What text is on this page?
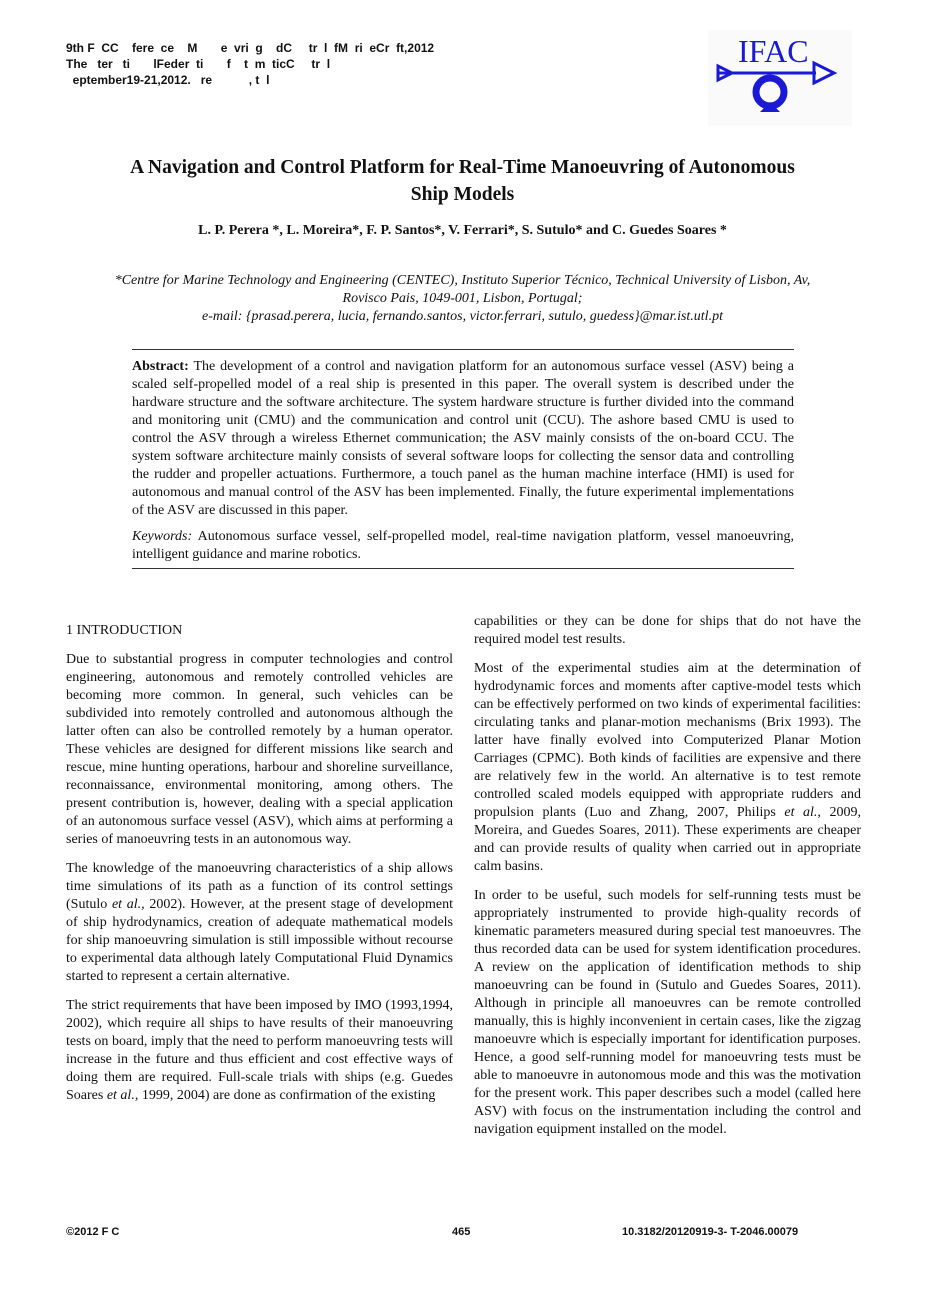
9th F  CC    fere  ce    M       e  vri  g    dC     tr  l  fM  ri  eCr  ft,2012
The   ter   ti       lFeder  ti       f    t  m  ticC     tr  l
eptember19-21,2012.   re           , t  l
IFAC
A Navigation and Control Platform for Real-Time Manoeuvring of Autonomous
Ship Models
L. P. Perera *, L. Moreira*, F. P. Santos*, V. Ferrari*, S. Sutulo* and C. Guedes Soares *
*Centre for Marine Technology and Engineering (CENTEC), Instituto Superior Técnico, Technical University of Lisbon, Av,
Rovisco Pais, 1049-001, Lisbon, Portugal;
e-mail: {prasad.perera, lucia, fernando.santos, victor.ferrari, sutulo, guedess}@mar.ist.utl.pt

Abstract: The development of a control and navigation platform for an autonomous surface vessel (ASV) being a scaled self-propelled model of a real ship is presented in this paper. The overall system is described under the hardware structure and the software architecture. The system hardware structure is further divided into the command and monitoring unit (CMU) and the communication and control unit (CCU). The ashore based CMU is used to control the ASV through a wireless Ethernet communication; the ASV mainly consists of the on-board CCU. The system software architecture mainly consists of several software loops for collecting the sensor data and controlling the rudder and propeller actuations. Furthermore, a touch panel as the human machine interface (HMI) is used for autonomous and manual control of the ASV has been implemented. Finally, the future experimental implementations of the ASV are discussed in this paper.

Keywords: Autonomous surface vessel, self-propelled model, real-time navigation platform, vessel manoeuvring, intelligent guidance and marine robotics.

1 INTRODUCTION

Due to substantial progress in computer technologies and control engineering, autonomous and remotely controlled vehicles are becoming more common. In general, such vehicles can be subdivided into remotely controlled and autonomous although the latter often can also be controlled remotely by a human operator. These vehicles are designed for different missions like search and rescue, mine hunting operations, harbour and shoreline surveillance, reconnaissance, environmental monitoring, among others. The present contribution is, however, dealing with a special application of an autonomous surface vessel (ASV), which aims at performing a series of manoeuvring tests in an autonomous way.

The knowledge of the manoeuvring characteristics of a ship allows time simulations of its path as a function of its control settings (Sutulo et al., 2002). However, at the present stage of development of ship hydrodynamics, creation of adequate mathematical models for ship manoeuvring simulation is still impossible without recourse to experimental data although lately Computational Fluid Dynamics started to represent a certain alternative.

The strict requirements that have been imposed by IMO (1993,1994, 2002), which require all ships to have results of their manoeuvring tests on board, imply that the need to perform manoeuvring tests will increase in the future and thus efficient and cost effective ways of doing them are required. Full-scale trials with ships (e.g. Guedes Soares et al., 1999, 2004) are done as confirmation of the existing

capabilities or they can be done for ships that do not have the required model test results.

Most of the experimental studies aim at the determination of hydrodynamic forces and moments after captive-model tests which can be effectively performed on two kinds of experimental facilities: circulating tanks and planar-motion mechanisms (Brix 1993). The latter have finally evolved into Computerized Planar Motion Carriages (CPMC). Both kinds of facilities are expensive and there are relatively few in the world. An alternative is to test remote controlled scaled models equipped with appropriate rudders and propulsion plants (Luo and Zhang, 2007, Philips et al., 2009, Moreira, and Guedes Soares, 2011). These experiments are cheaper and can provide results of quality when carried out in appropriate calm basins.

In order to be useful, such models for self-running tests must be appropriately instrumented to provide high-quality records of kinematic parameters measured during special test manoeuvres. The thus recorded data can be used for system identification procedures. A review on the application of identification methods to ship manoeuvring can be found in (Sutulo and Guedes Soares, 2011). Although in principle all manoeuvres can be remote controlled manually, this is highly inconvenient in certain cases, like the zigzag manoeuvre which is especially important for identification purposes. Hence, a good self-running model for manoeuvring tests must be able to manoeuvre in autonomous mode and this was the motivation for the present work. This paper describes such a model (called here ASV) with focus on the instrumentation including the control and navigation equipment installed on the model.

©2012 F C	465	10.3182/20120919-3- T-2046.00079
